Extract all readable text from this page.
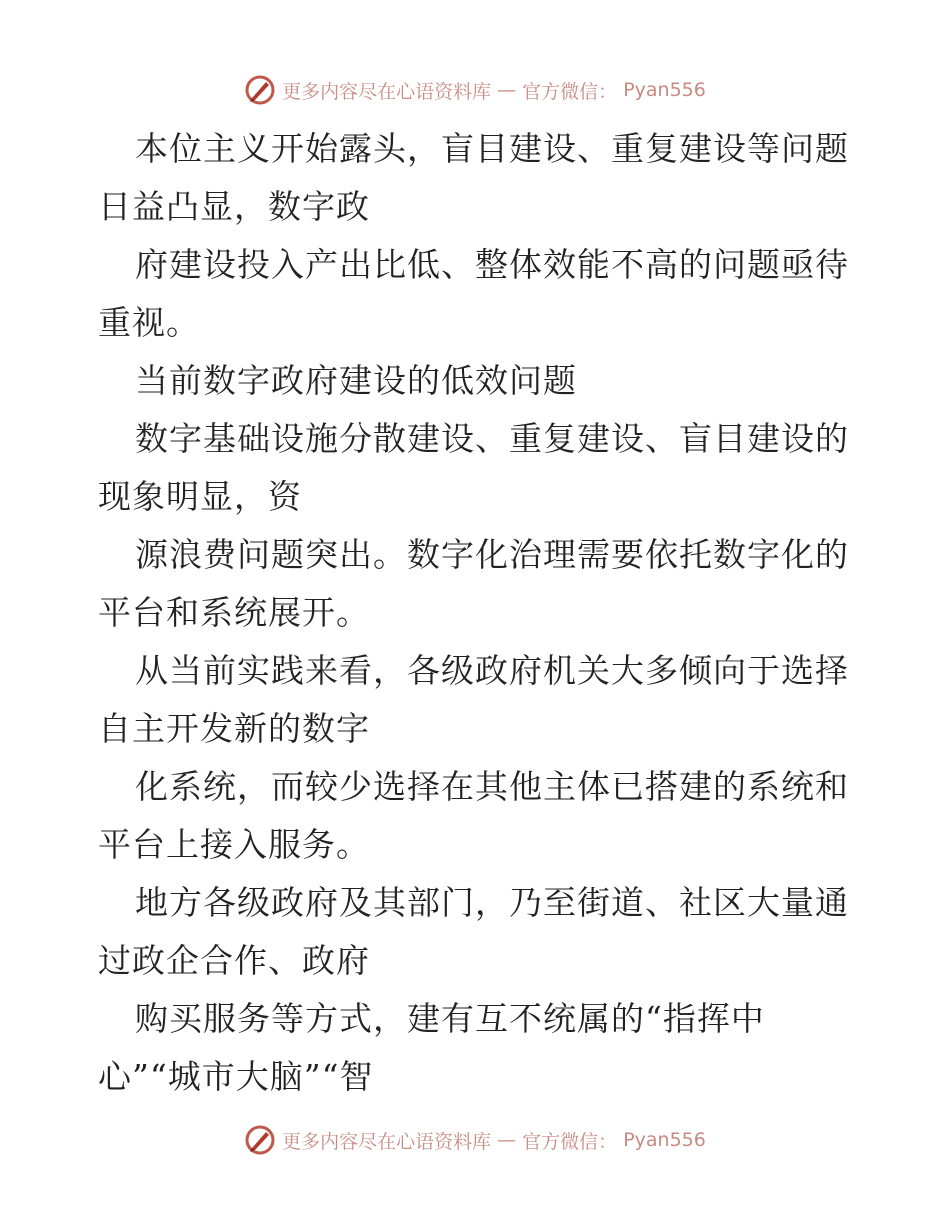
更多内容尽在心语资料库 — 官方微信： Pyan556

本位主义开始露头，盲目建设、重复建设等问题

日益凸显，数字政

府建设投入产出比低、整体效能不高的问题亟待

重视。

当前数字政府建设的低效问题

数字基础设施分散建设、重复建设、盲目建设的

现象明显，资

源浪费问题突出。数字化治理需要依托数字化的

平台和系统展开。

从当前实践来看，各级政府机关大多倾向于选择

自主开发新的数字

化系统，而较少选择在其他主体已搭建的系统和

平台上接入服务。

地方各级政府及其部门，乃至街道、社区大量通

过政企合作、政府

购买服务等方式，建有互不统属的“指挥中

心”“城市大脑”“智

更多内容尽在心语资料库 — 官方微信： Pyan556
